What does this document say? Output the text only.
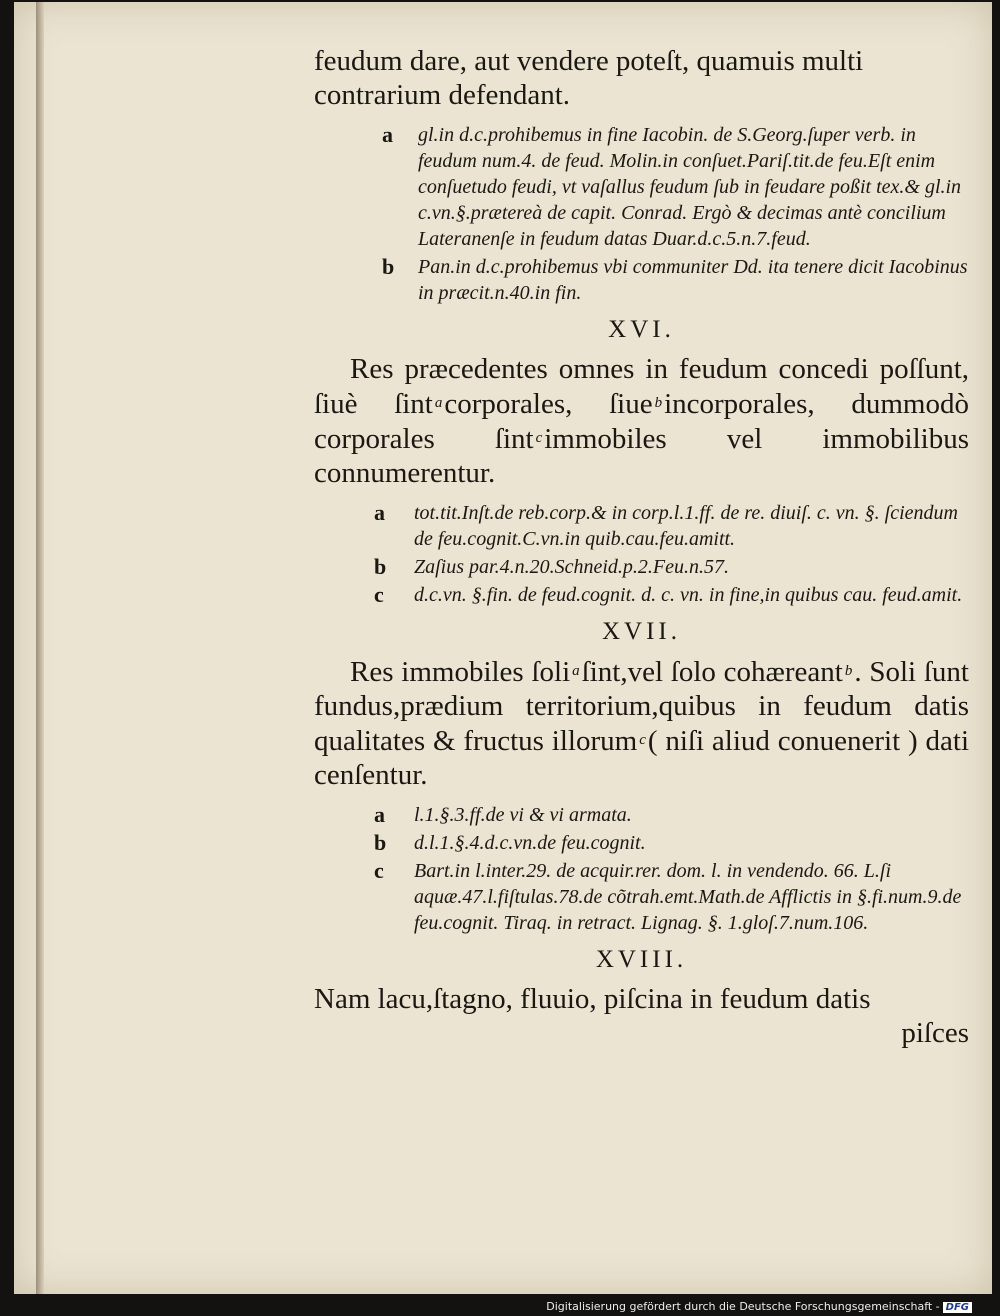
feudum dare, aut vendere poteſt, quamuis multi
contrarium defendant.

a gl.in d.c.prohibemus in fine Iacobin. de S.Georg.ſuper verb. in feudum num.4. de feud. Molin.in conſuet.Pariſ.tit.de feu.Eſt enim conſuetudo feudi, vt vaſallus feudum ſub in feudare poßit tex.& gl.in c.vn.§.prætereà de capit. Conrad. Ergò & decimas antè concilium Lateranenſe in feudum datas Duar.d.c.5.n.7.feud.
b Pan.in d.c.prohibemus vbi communiter Dd. ita tenere dicit Iacobinus in præcit.n.40.in fin.
XVI.

Res præcedentes omnes in feudum concedi poſſunt, ſiuè ſint $^a$corporales, ſiue $^b$incorporales, dummodò corporales ſint $^c$immobiles vel immobilibus connumerentur.

a tot.tit.Inſt.de reb.corp.& in corp.l.1.ff. de re. diuiſ. c. vn. §. ſciendum de feu.cognit.C.vn.in quib.cau.feu.amitt.
b Zaſius par.4.n.20.Schneid.p.2.Feu.n.57.
c d.c.vn. §.fin. de feud.cognit. d. c. vn. in fine,in quibus cau. feud.amit.
XVII.

Res immobiles ſoli $^a$ſint,vel ſolo cohæreant $^b$. Soli ſunt fundus,prædium territorium,quibus in feudum datis qualitates & fructus illorum $^c$( niſi aliud conuenerit ) dati cenſentur.

a l.1.§.3.ff.de vi & vi armata.
b d.l.1.§.4.d.c.vn.de feu.cognit.
c Bart.in l.inter.29. de acquir.rer. dom. l. in vendendo. 66. L.ſi aquæ.47.l.fiſtulas.78.de cõtrah.emt.Math.de Afflictis in §.fi.num.9.de feu.cognit. Tiraq. in retract. Lignag. §. 1.gloſ.7.num.106.
XVIII.

Nam lacu,ſtagno, fluuio, piſcina in feudum datis

piſces

Digitalisierung gefördert durch die Deutsche Forschungsgemeinschaft - DFG
